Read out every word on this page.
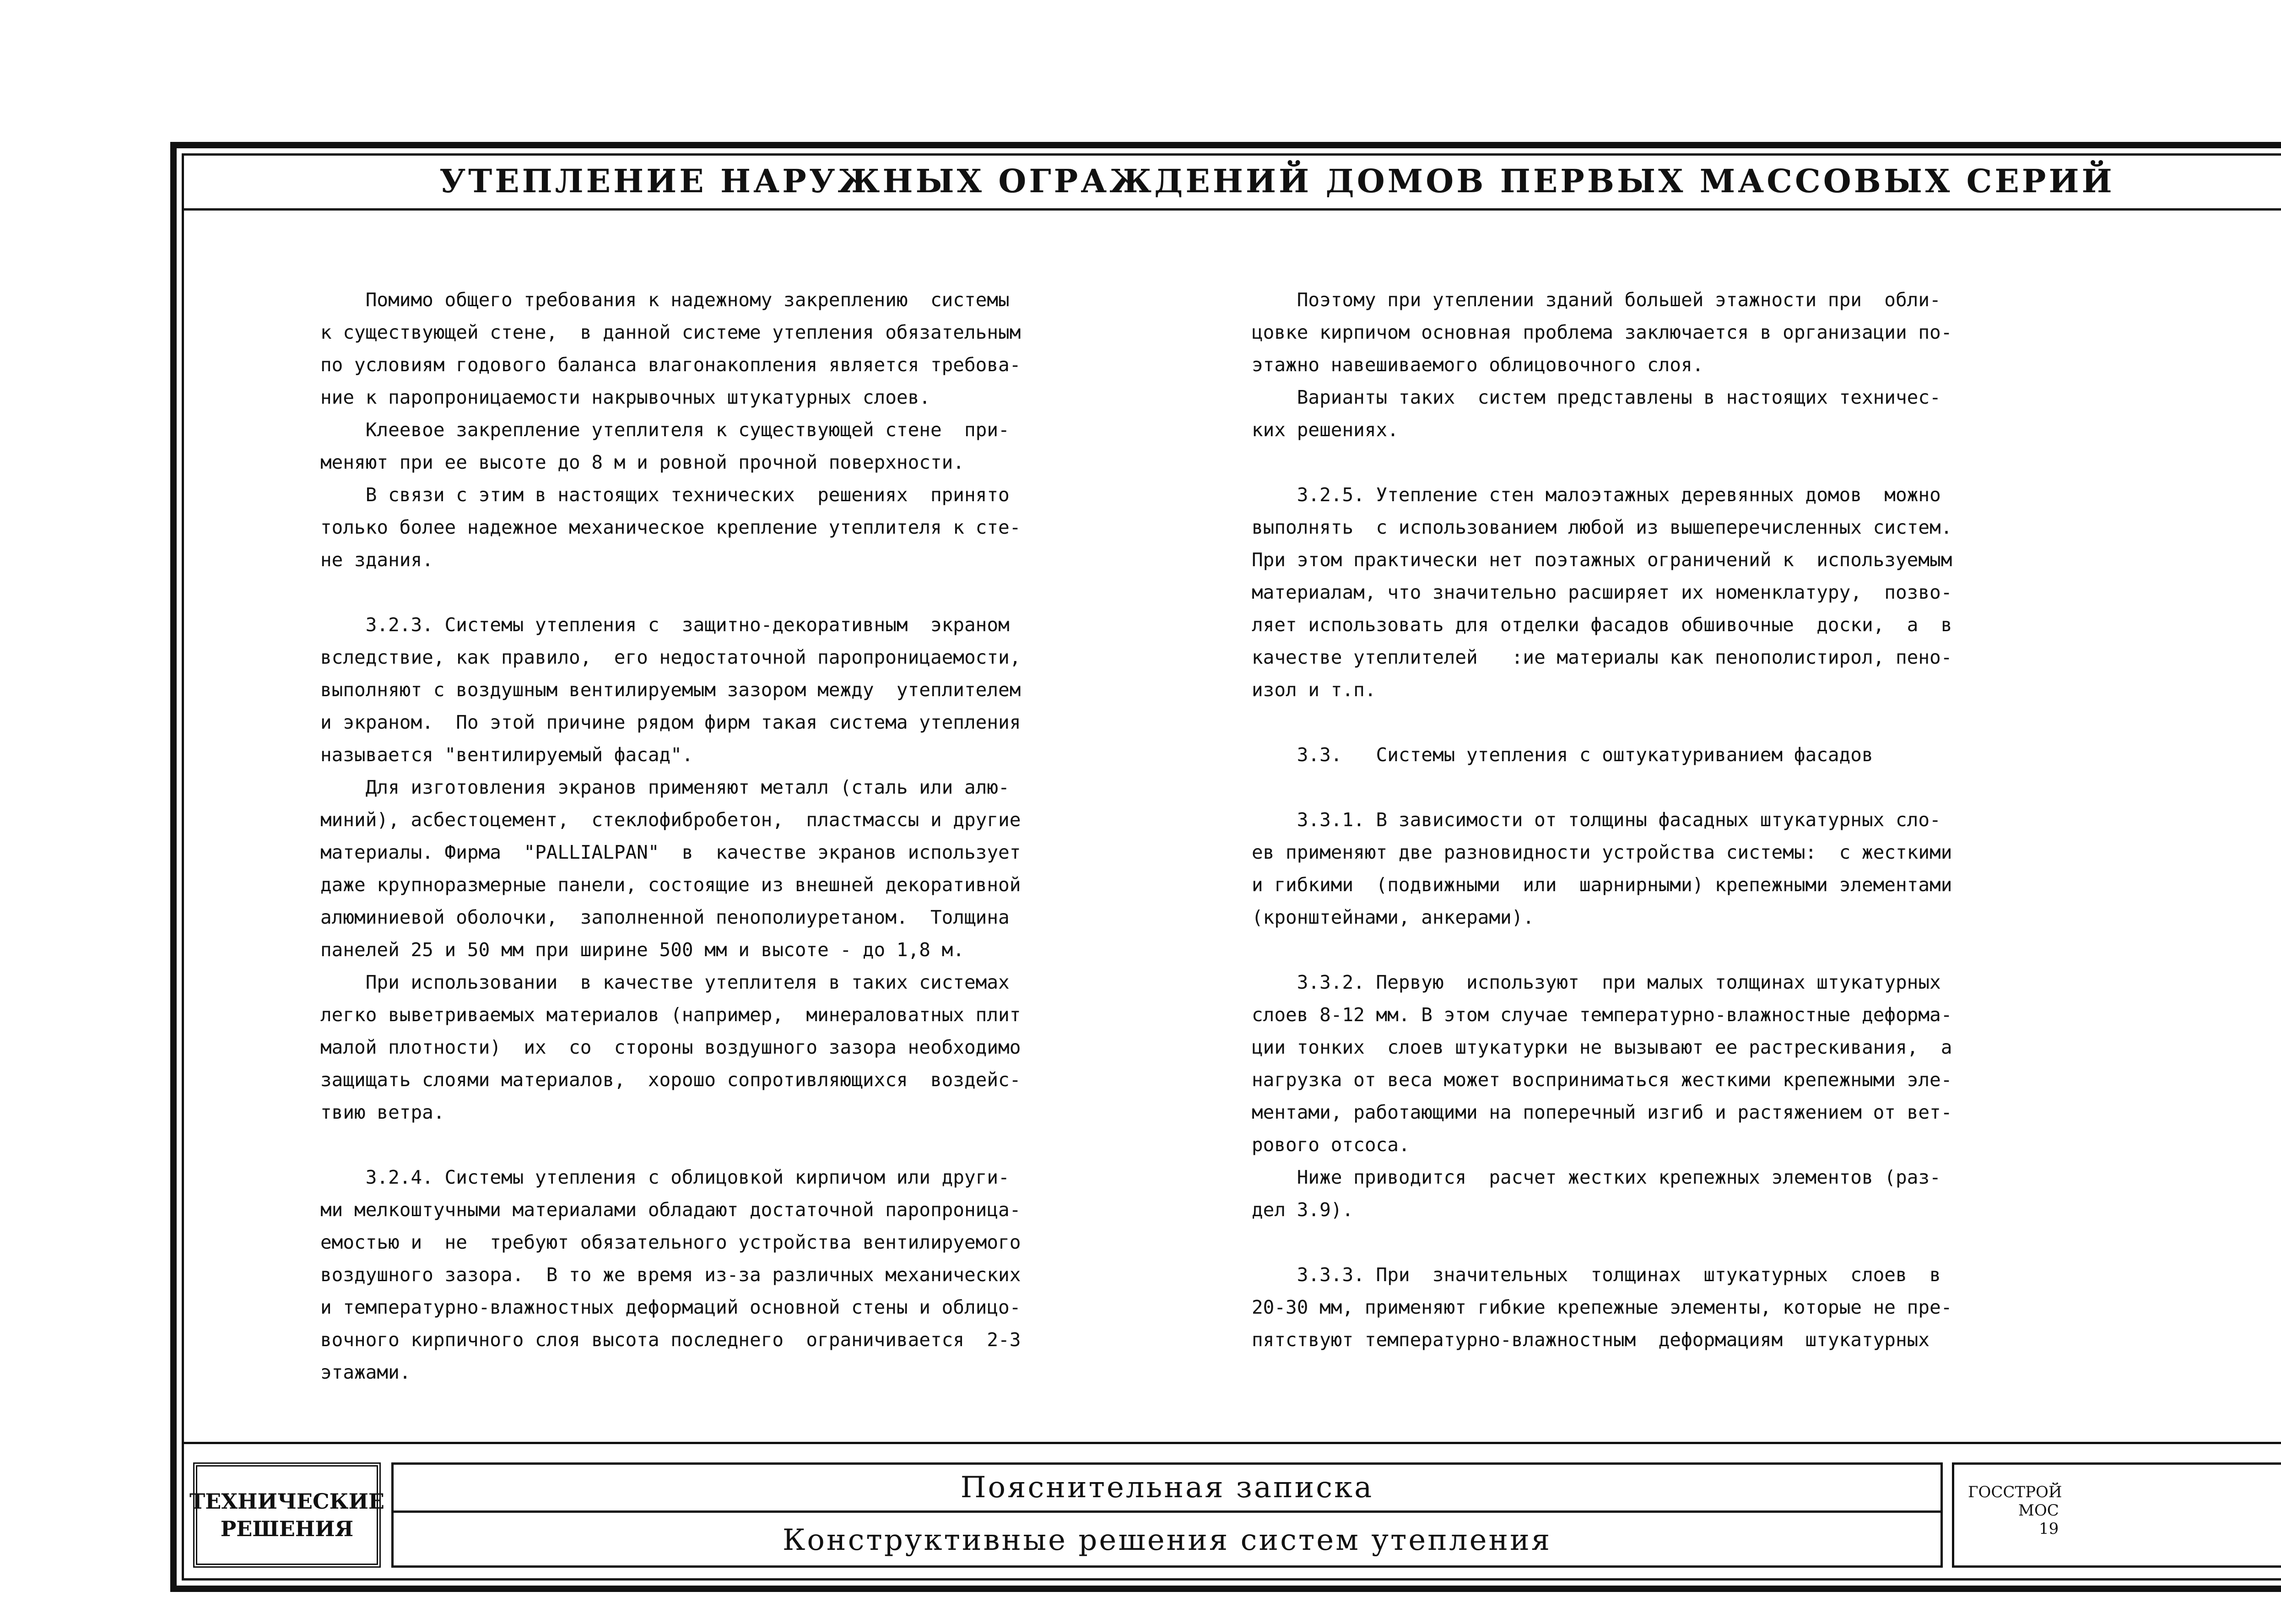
УТЕПЛЕНИЕ НАРУЖНЫХ ОГРАЖДЕНИЙ ДОМОВ ПЕРВЫХ МАССОВЫХ СЕРИЙ
Помимо общего требования к надежному закреплению  системы
к существующей стене,  в данной системе утепления обязательным
по условиям годового баланса влагонакопления является требова-
ние к паропроницаемости накрывочных штукатурных слоев.
Клеевое закрепление утеплителя к существующей стене  при-
меняют при ее высоте до 8 м и ровной прочной поверхности.
В связи с этим в настоящих технических  решениях  принято
только более надежное механическое крепление утеплителя к сте-
не здания.
3.2.3. Системы утепления с  защитно-декоративным  экраном
вследствие, как правило,  его недостаточной паропроницаемости,
выполняют с воздушным вентилируемым зазором между  утеплителем
и экраном.  По этой причине рядом фирм такая система утепления
называется "вентилируемый фасад".
Для изготовления экранов применяют металл (сталь или алю-
миний), асбестоцемент,  стеклофибробетон,  пластмассы и другие
материалы. Фирма  "PALLIALPAN"  в  качестве экранов использует
даже крупноразмерные панели, состоящие из внешней декоративной
алюминиевой оболочки,  заполненной пенополиуретаном.  Толщина
панелей 25 и 50 мм при ширине 500 мм и высоте - до 1,8 м.
При использовании  в качестве утеплителя в таких системах
легко выветриваемых материалов (например,  минераловатных плит
малой плотности)  их  со  стороны воздушного зазора необходимо
защищать слоями материалов,  хорошо сопротивляющихся  воздейс-
твию ветра.
3.2.4. Системы утепления с облицовкой кирпичом или други-
ми мелкоштучными материалами обладают достаточной паропроница-
емостью и  не  требуют обязательного устройства вентилируемого
воздушного зазора.  В то же время из-за различных механических
и температурно-влажностных деформаций основной стены и облицо-
вочного кирпичного слоя высота последнего  ограничивается  2-3
этажами.
Поэтому при утеплении зданий большей этажности при  обли-
цовке кирпичом основная проблема заключается в организации по-
этажно навешиваемого облицовочного слоя.
Варианты таких  систем представлены в настоящих техничес-
ких решениях.
3.2.5. Утепление стен малоэтажных деревянных домов  можно
выполнять  с использованием любой из вышеперечисленных систем.
При этом практически нет поэтажных ограничений к  используемым
материалам, что значительно расширяет их номенклатуру,  позво-
ляет использовать для отделки фасадов обшивочные  доски,  а  в
качестве утеплителей   :ие материалы как пенополистирол, пено-
изол и т.п.
3.3.   Системы утепления с оштукатуриванием фасадов
3.3.1. В зависимости от толщины фасадных штукатурных сло-
ев применяют две разновидности устройства системы:  с жесткими
и гибкими  (подвижными  или  шарнирными) крепежными элементами
(кронштейнами, анкерами).
3.3.2. Первую  используют  при малых толщинах штукатурных
слоев 8-12 мм. В этом случае температурно-влажностные деформа-
ции тонких  слоев штукатурки не вызывают ее растрескивания,  а
нагрузка от веса может восприниматься жесткими крепежными эле-
ментами, работающими на поперечный изгиб и растяжением от вет-
рового отсоса.
Ниже приводится  расчет жестких крепежных элементов (раз-
дел 3.9).
3.3.3. При  значительных  толщинах  штукатурных  слоев  в
20-30 мм, применяют гибкие крепежные элементы, которые не пре-
пятствуют температурно-влажностным  деформациям  штукатурных
ТЕХНИЧЕСКИЕ
РЕШЕНИЯ
Пояснительная записка
Конструктивные решения систем утепления
ГОССТРОЙ
МОС
19
